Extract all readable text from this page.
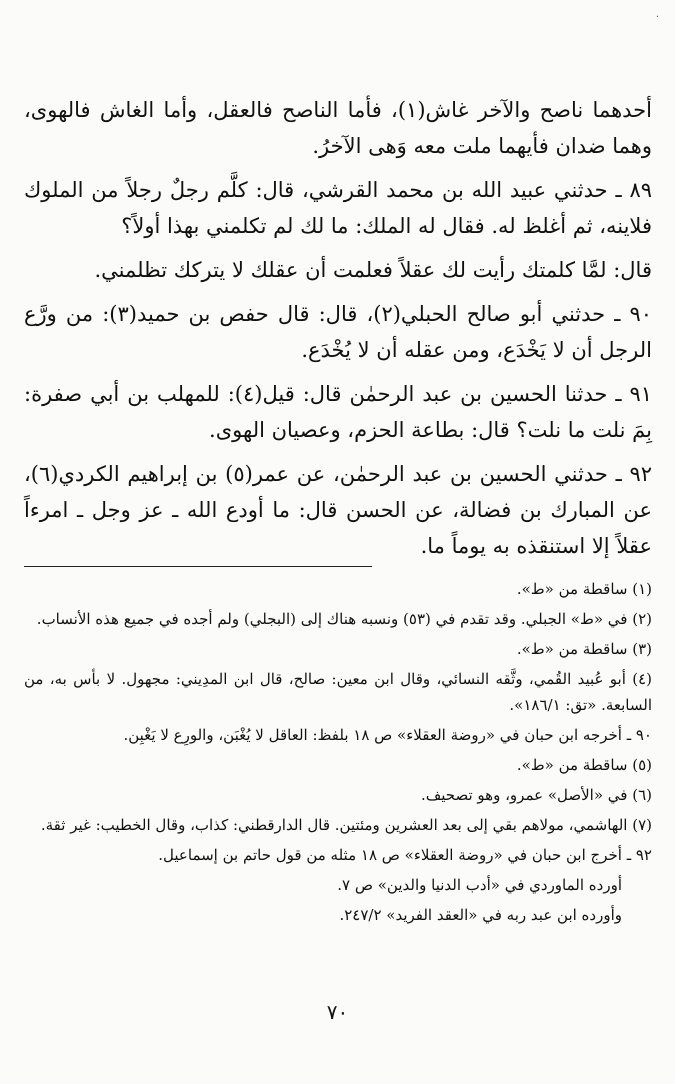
·

أحدهما ناصح والآخر غاش(١)، فأما الناصح فالعقل، وأما الغاش فالهوى، وهما ضدان فأيهما ملت معه وَهى الآخرُ.

٨٩ ـ حدثني عبيد الله بن محمد القرشي، قال: كلَّم رجلٌ رجلاً من الملوك فلاينه، ثم أغلظ له. فقال له الملك: ما لك لم تكلمني بهذا أولاً؟

قال: لمَّا كلمتك رأيت لك عقلاً فعلمت أن عقلك لا يتركك تظلمني.

٩٠ ـ حدثني أبو صالح الحبلي(٢)، قال: قال حفص بن حميد(٣): من ورَّع الرجل أن لا يَخْدَع، ومن عقله أن لا يُخْدَع.

٩١ ـ حدثنا الحسين بن عبد الرحمٰن قال: قيل(٤): للمهلب بن أبي صفرة: بِمَ نلت ما نلت؟ قال: بطاعة الحزم، وعصيان الهوى.

٩٢ ـ حدثني الحسين بن عبد الرحمٰن، عن عمر(٥) بن إبراهيم الكردي(٦)، عن المبارك بن فضالة، عن الحسن قال: ما أودع الله ـ عز وجل ـ امرءاً عقلاً إلا استنقذه به يوماً ما.

(١) ساقطة من «ط».

(٢) في «ط» الجبلي. وقد تقدم في (٥٣) ونسبه هناك إلى (البجلي) ولم أجده في جميع هذه الأنساب.

(٣) ساقطة من «ط».

(٤) أبو عُبيد القُمي، وثَّقه النسائي، وقال ابن معين: صالح، قال ابن المدِيني: مجهول. لا بأس به، من السابعة. «تق: ١٨٦/١».

٩٠ ـ أخرجه ابن حبان في «روضة العقلاء» ص ١٨ بلفظ: العاقل لا يُغْبَن، والورِع لا يَغْبِن.

(٥) ساقطة من «ط».

(٦) في «الأصل» عمرو، وهو تصحيف.

(٧) الهاشمي، مولاهم بقي إلى بعد العشرين ومئتين. قال الدارقطني: كذاب، وقال الخطيب: غير ثقة.

٩٢ ـ أخرج ابن حبان في «روضة العقلاء» ص ١٨ مثله من قول حاتم بن إسماعيل.

أورده الماوردي في «أدب الدنيا والدين» ص ٧.

وأورده ابن عبد ربه في «العقد الفريد» ٢٤٧/٢.

٧٠
